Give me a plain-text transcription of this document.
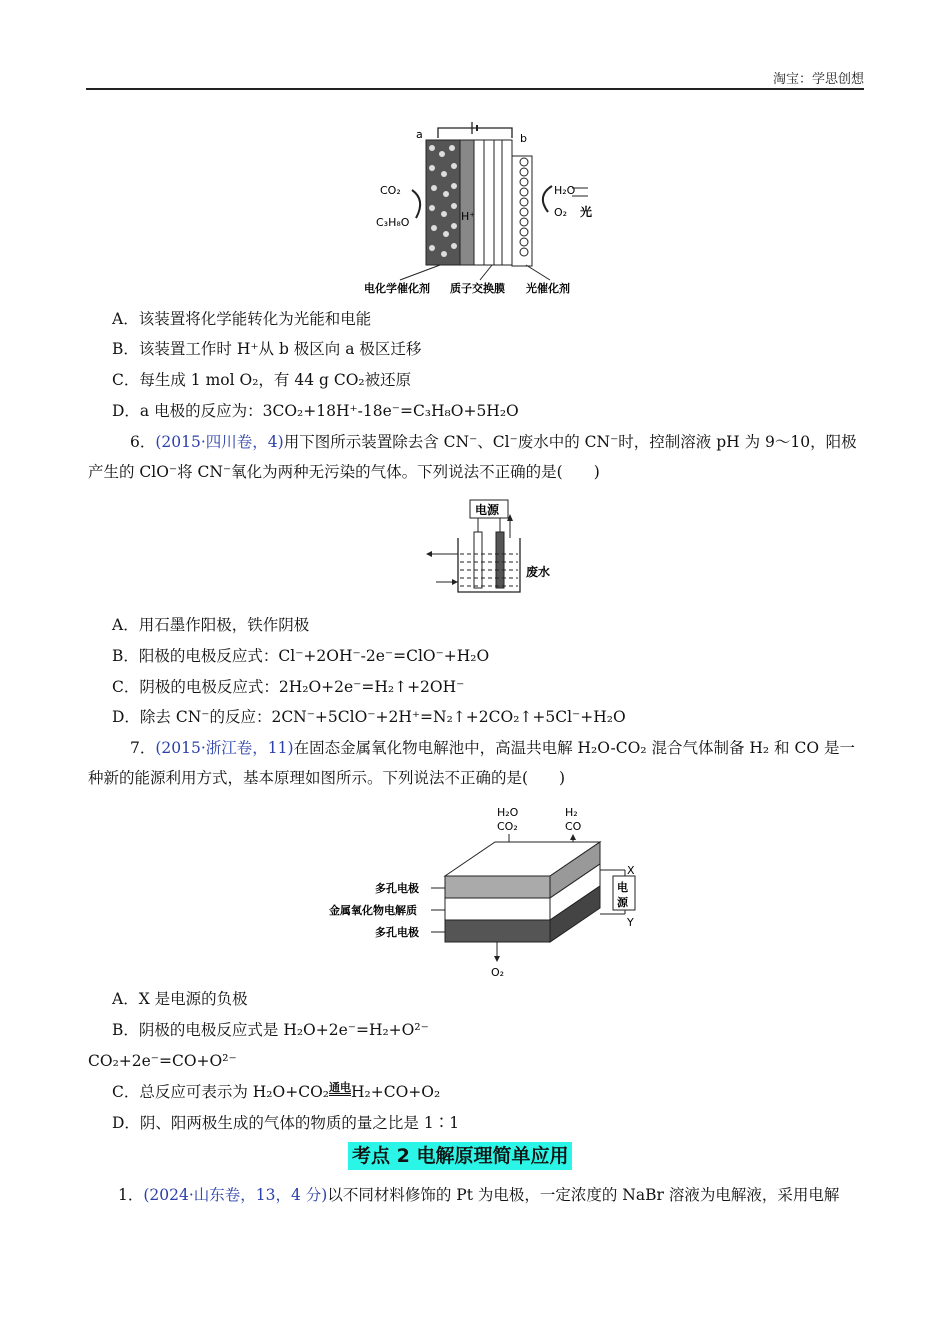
淘宝：学思创想
a	b
CO₂
C₃H₈O	H⁺
H₂O
O₂ 光
电化学催化剂 质子交换膜 光催化剂
A．该装置将化学能转化为光能和电能
B．该装置工作时 H⁺从 b 极区向 a 极区迁移
C．每生成 1 mol O₂，有 44 g CO₂被还原
D．a 电极的反应为：3CO₂+18H⁺-18e⁻=C₃H₈O+5H₂O
6．(2015·四川卷，4)用下图所示装置除去含 CN⁻、Cl⁻废水中的 CN⁻时，控制溶液 pH 为 9～10，阳极
产生的 ClO⁻将 CN⁻氧化为两种无污染的气体。下列说法不正确的是(　　)
电源
废水
A．用石墨作阳极，铁作阴极
B．阳极的电极反应式：Cl⁻+2OH⁻-2e⁻=ClO⁻+H₂O
C．阴极的电极反应式：2H₂O+2e⁻=H₂↑+2OH⁻
D．除去 CN⁻的反应：2CN⁻+5ClO⁻+2H⁺=N₂↑+2CO₂↑+5Cl⁻+H₂O
7．(2015·浙江卷，11)在固态金属氧化物电解池中，高温共电解 H₂O-CO₂ 混合气体制备 H₂ 和 CO 是一
种新的能源利用方式，基本原理如图所示。下列说法不正确的是(　　)
H₂O
CO₂
H₂
CO
电
源
X
Y
多孔电极
金属氧化物电解质
多孔电极
O₂
A．X 是电源的负极
B．阴极的电极反应式是 H₂O+2e⁻=H₂+O²⁻
CO₂+2e⁻=CO+O²⁻
C．总反应可表示为 H₂O+CO₂通电H₂+CO+O₂
D．阴、阳两极生成的气体的物质的量之比是 1∶1
考点 2 电解原理简单应用
1．(2024·山东卷，13，4 分)以不同材料修饰的 Pt 为电极，一定浓度的 NaBr 溶液为电解液，采用电解
